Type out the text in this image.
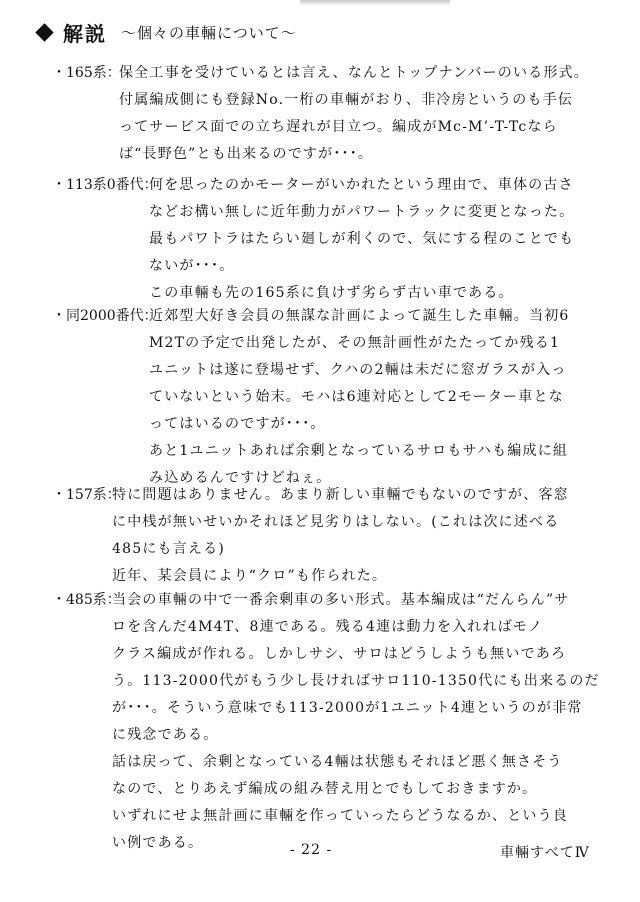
解説 ～個々の車輛について～
・165系：
保全工事を受けているとは言え、なんとトップナンバーのいる形式。
付属編成側にも登録No.一桁の車輛がおり、非冷房というのも手伝
ってサービス面での立ち遅れが目立つ。編成がMc-M’-T-Tcなら
ば“長野色”とも出来るのですが･･･。
・113系0番代：
何を思ったのかモーターがいかれたという理由で、車体の古さ
などお構い無しに近年動力がパワートラックに変更となった。
最もパワトラはたらい廻しが利くので、気にする程のことでも
ないが･･･。
この車輛も先の165系に負けず劣らず古い車である。
・同2000番代：
近郊型大好き会員の無謀な計画によって誕生した車輛。当初6
M2Tの予定で出発したが、その無計画性がたたってか残る1
ユニットは遂に登場せず、クハの2輛は未だに窓ガラスが入っ
ていないという始末。モハは6連対応として2モーター車とな
ってはいるのですが･･･。
あと1ユニットあれば余剰となっているサロもサハも編成に組
み込めるんですけどねぇ。
・157系：
特に問題はありません。あまり新しい車輛でもないのですが、客窓
に中桟が無いせいかそれほど見劣りはしない。(これは次に述べる
485にも言える)
近年、某会員により“クロ”も作られた。
・485系：
当会の車輛の中で一番余剰車の多い形式。基本編成は“だんらん”サ
ロを含んだ4M4T、8連である。残る4連は動力を入れればモノ
クラス編成が作れる。しかしサシ、サロはどうしようも無いであろ
う。113-2000代がもう少し長ければサロ110-1350代にも出来るのだ
が･･･。そういう意味でも113-2000が1ユニット4連というのが非常
に残念である。
話は戻って、余剰となっている4輛は状態もそれほど悪く無さそう
なので、とりあえず編成の組み替え用とでもしておきますか。
いずれにせよ無計画に車輛を作っていったらどうなるか、という良
い例である。	- 22 -	車輛すべてⅣ
